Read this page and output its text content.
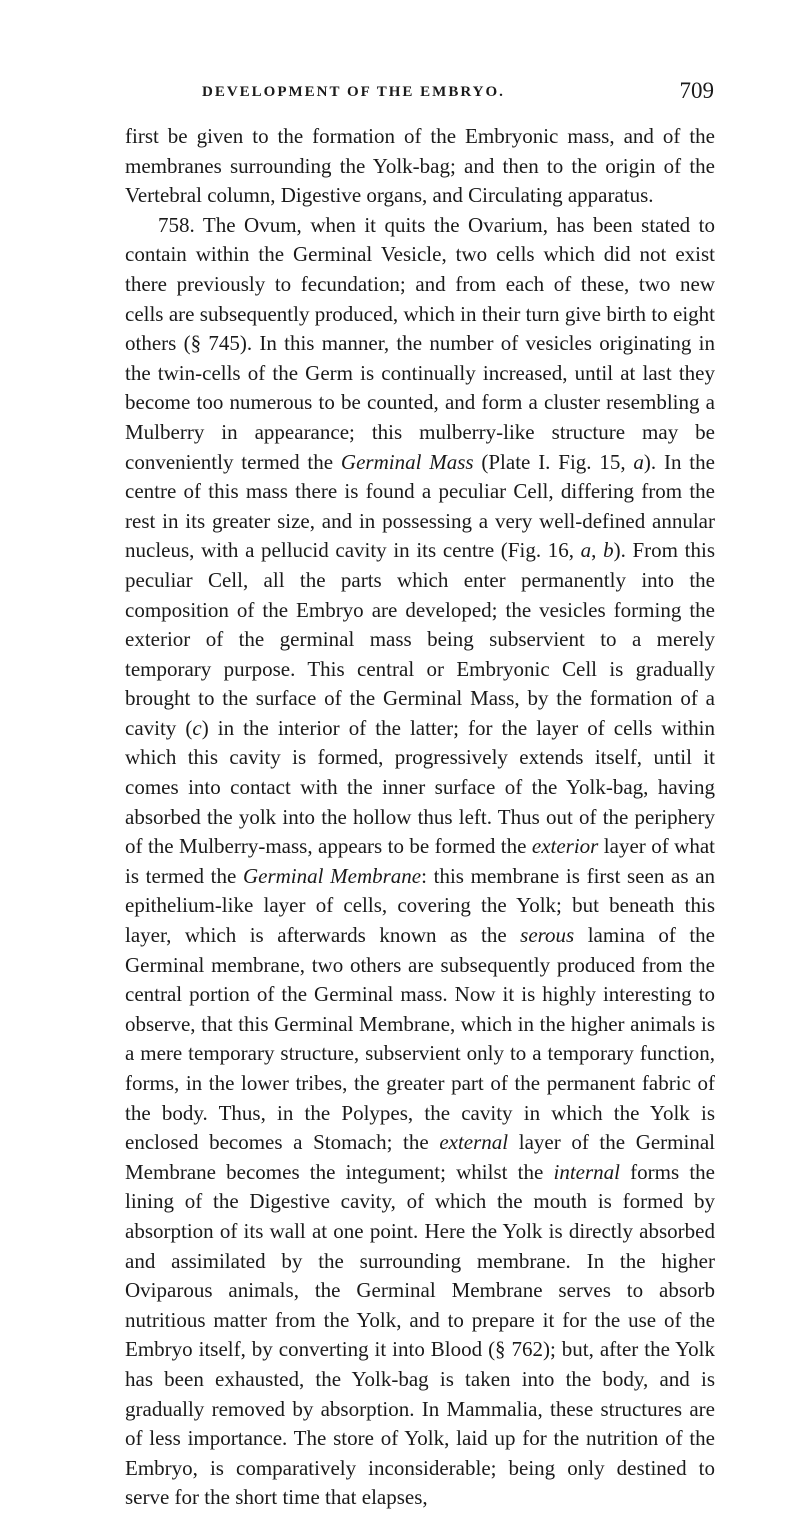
DEVELOPMENT OF THE EMBRYO.	709

first be given to the formation of the Embryonic mass, and of the membranes surrounding the Yolk-bag; and then to the origin of the Vertebral column, Digestive organs, and Circulating apparatus.

758. The Ovum, when it quits the Ovarium, has been stated to contain within the Germinal Vesicle, two cells which did not exist there previously to fecundation; and from each of these, two new cells are subsequently produced, which in their turn give birth to eight others (§ 745). In this manner, the number of vesicles originating in the twin-cells of the Germ is continually increased, until at last they become too numerous to be counted, and form a cluster resembling a Mulberry in appearance; this mulberry-like structure may be conveniently termed the Germinal Mass (Plate I. Fig. 15, a). In the centre of this mass there is found a peculiar Cell, differing from the rest in its greater size, and in possessing a very well-defined annular nucleus, with a pellucid cavity in its centre (Fig. 16, a, b). From this peculiar Cell, all the parts which enter permanently into the composition of the Embryo are developed; the vesicles forming the exterior of the germinal mass being subservient to a merely temporary purpose. This central or Embryonic Cell is gradually brought to the surface of the Germinal Mass, by the formation of a cavity (c) in the interior of the latter; for the layer of cells within which this cavity is formed, progressively extends itself, until it comes into contact with the inner surface of the Yolk-bag, having absorbed the yolk into the hollow thus left. Thus out of the periphery of the Mulberry-mass, appears to be formed the exterior layer of what is termed the Germinal Membrane: this membrane is first seen as an epithelium-like layer of cells, covering the Yolk; but beneath this layer, which is afterwards known as the serous lamina of the Germinal membrane, two others are subsequently produced from the central portion of the Germinal mass. Now it is highly interesting to observe, that this Germinal Membrane, which in the higher animals is a mere temporary structure, subservient only to a temporary function, forms, in the lower tribes, the greater part of the permanent fabric of the body. Thus, in the Polypes, the cavity in which the Yolk is enclosed becomes a Stomach; the external layer of the Germinal Membrane becomes the integument; whilst the internal forms the lining of the Digestive cavity, of which the mouth is formed by absorption of its wall at one point. Here the Yolk is directly absorbed and assimilated by the surrounding membrane. In the higher Oviparous animals, the Germinal Membrane serves to absorb nutritious matter from the Yolk, and to prepare it for the use of the Embryo itself, by converting it into Blood (§ 762); but, after the Yolk has been exhausted, the Yolk-bag is taken into the body, and is gradually removed by absorption. In Mammalia, these structures are of less importance. The store of Yolk, laid up for the nutrition of the Embryo, is comparatively inconsiderable; being only destined to serve for the short time that elapses,
